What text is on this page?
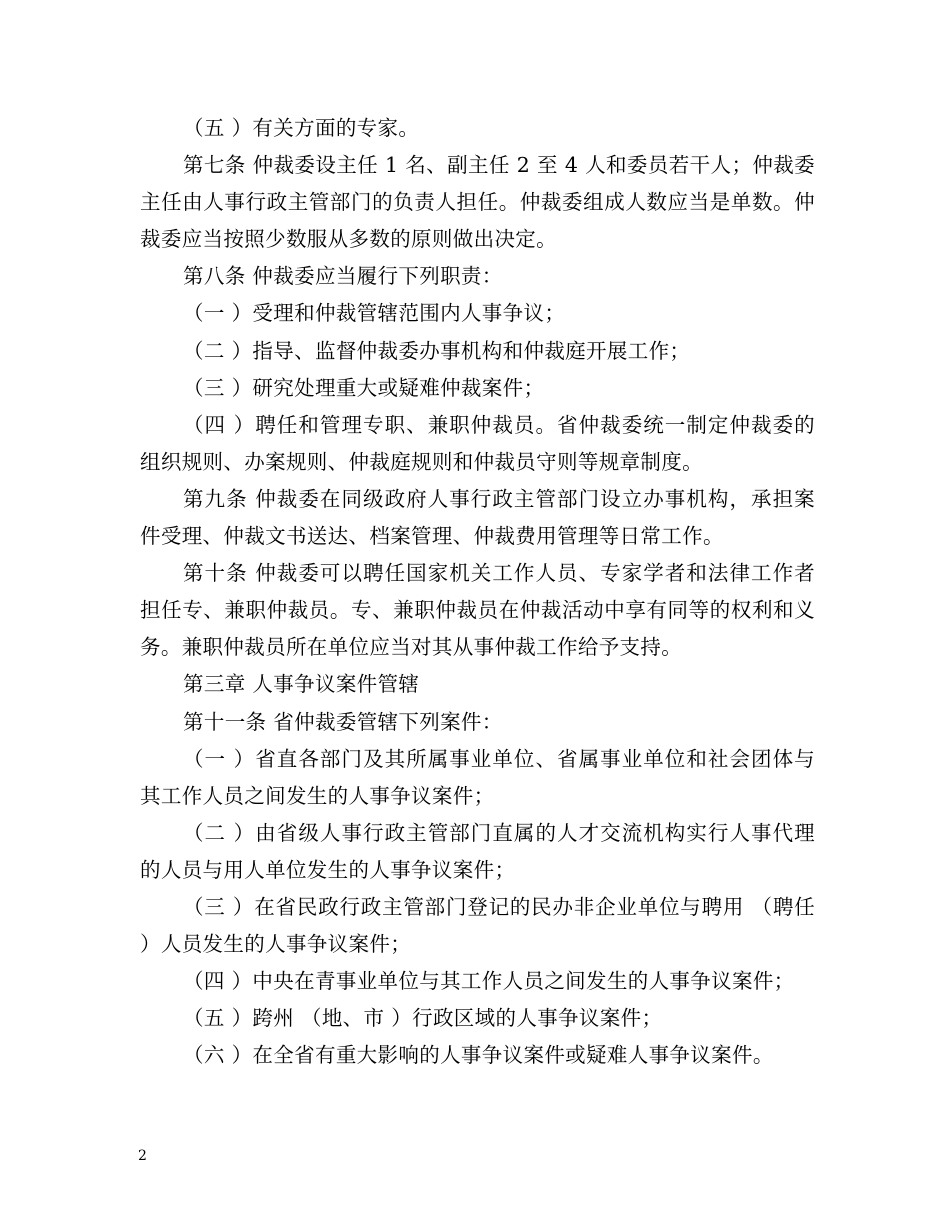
（五 ）有关方面的专家。

第七条 仲裁委设主任 1 名、副主任 2 至 4 人和委员若干人；仲裁委主任由人事行政主管部门的负责人担任。仲裁委组成人数应当是单数。仲裁委应当按照少数服从多数的原则做出决定。

第八条 仲裁委应当履行下列职责：

（一 ）受理和仲裁管辖范围内人事争议；

（二 ）指导、监督仲裁委办事机构和仲裁庭开展工作；

（三 ）研究处理重大或疑难仲裁案件；

（四 ）聘任和管理专职、兼职仲裁员。省仲裁委统一制定仲裁委的组织规则、办案规则、仲裁庭规则和仲裁员守则等规章制度。

第九条 仲裁委在同级政府人事行政主管部门设立办事机构，承担案件受理、仲裁文书送达、档案管理、仲裁费用管理等日常工作。

第十条 仲裁委可以聘任国家机关工作人员、专家学者和法律工作者担任专、兼职仲裁员。专、兼职仲裁员在仲裁活动中享有同等的权利和义务。兼职仲裁员所在单位应当对其从事仲裁工作给予支持。

第三章 人事争议案件管辖

第十一条 省仲裁委管辖下列案件：

（一 ）省直各部门及其所属事业单位、省属事业单位和社会团体与其工作人员之间发生的人事争议案件；

（二 ）由省级人事行政主管部门直属的人才交流机构实行人事代理的人员与用人单位发生的人事争议案件；

（三 ）在省民政行政主管部门登记的民办非企业单位与聘用 （聘任 ）人员发生的人事争议案件；

（四 ）中央在青事业单位与其工作人员之间发生的人事争议案件；

（五 ）跨州 （地、市 ）行政区域的人事争议案件；

（六 ）在全省有重大影响的人事争议案件或疑难人事争议案件。

2
